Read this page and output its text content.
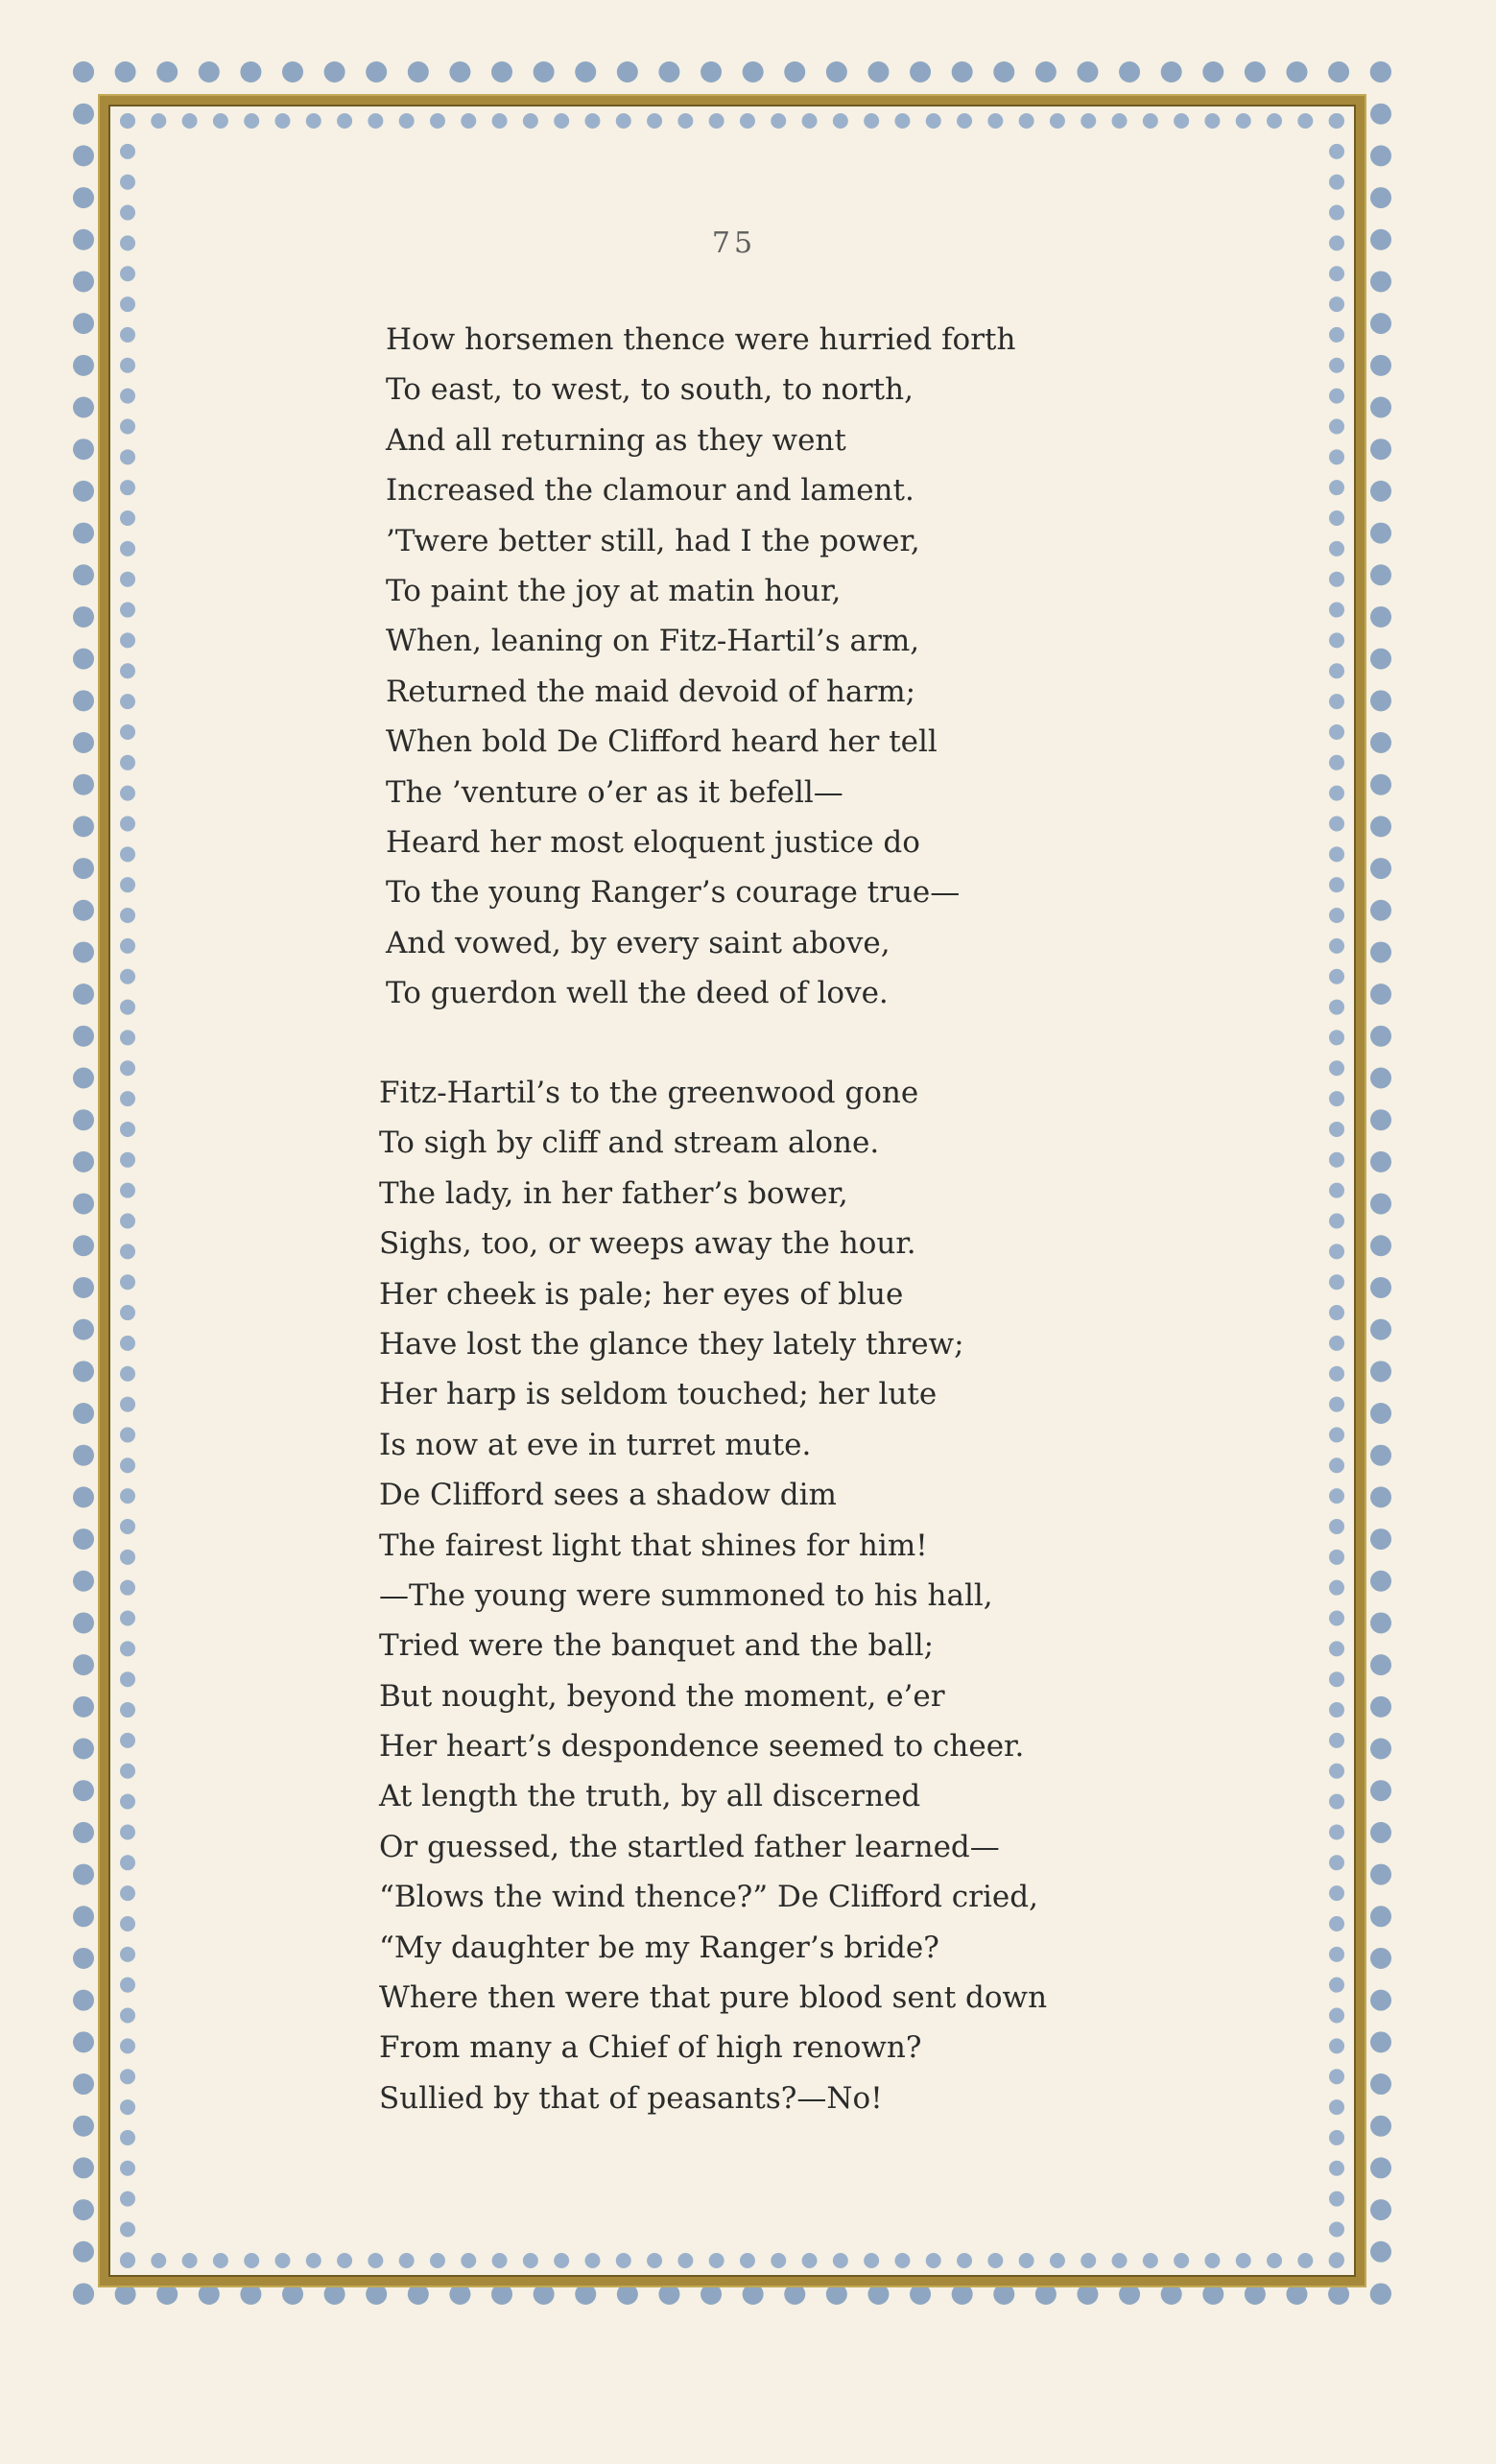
75
How horsemen thence were hurried forth
To east, to west, to south, to north,
And all returning as they went
Increased the clamour and lament.
’Twere better still, had I the power,
To paint the joy at matin hour,
When, leaning on Fitz-Hartil’s arm,
Returned the maid devoid of harm;
When bold De Clifford heard her tell
The ’venture o’er as it befell—
Heard her most eloquent justice do
To the young Ranger’s courage true—
And vowed, by every saint above,
To guerdon well the deed of love.
Fitz-Hartil’s to the greenwood gone
To sigh by cliff and stream alone.
The lady, in her father’s bower,
Sighs, too, or weeps away the hour.
Her cheek is pale; her eyes of blue
Have lost the glance they lately threw;
Her harp is seldom touched; her lute
Is now at eve in turret mute.
De Clifford sees a shadow dim
The fairest light that shines for him!
—The young were summoned to his hall,
Tried were the banquet and the ball;
But nought, beyond the moment, e’er
Her heart’s despondence seemed to cheer.
At length the truth, by all discerned
Or guessed, the startled father learned—
“Blows the wind thence?” De Clifford cried,
“My daughter be my Ranger’s bride?
Where then were that pure blood sent down
From many a Chief of high renown?
Sullied by that of peasants?—No!
